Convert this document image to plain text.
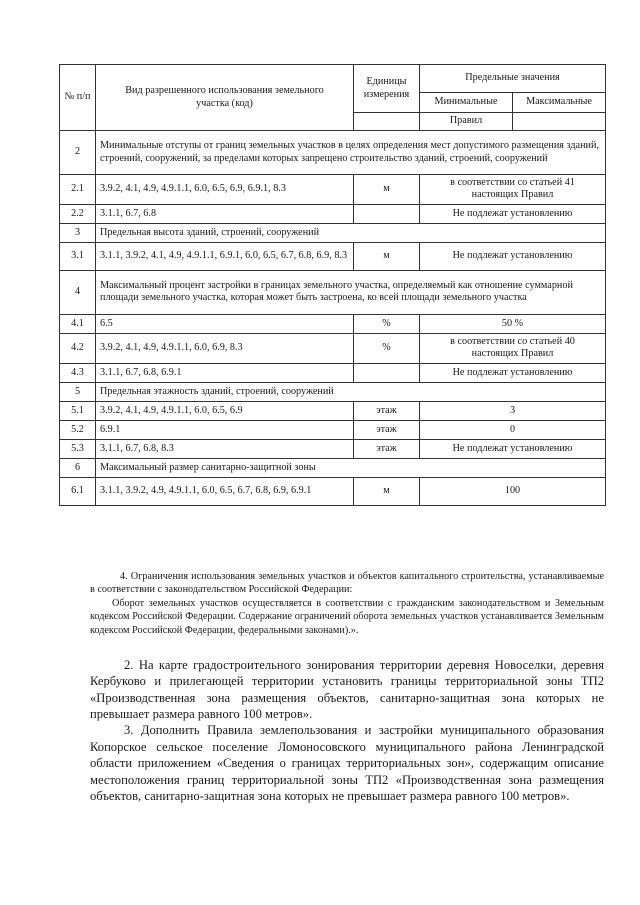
№ п/п	Вид разрешенного использования земельного участка (код)	Единицы измерения	Предельные значения	
			Минимальные	Максимальные
			Правил	
2	Минимальные отступы от границ земельных участков в целях определения мест допустимого размещения зданий, строений, сооружений, за пределами которых запрещено строительство зданий, строений, сооружений			
2.1	3.9.2, 4.1, 4.9, 4.9.1.1, 6.0, 6.5, 6.9, 6.9.1, 8.3	м	в соответствии со статьей 41 настоящих Правил	
2.2	3.1.1, 6.7, 6.8		Не подлежат установлению	
3	Предельная высота зданий, строений, сооружений			
3.1	3.1.1, 3.9.2, 4.1, 4.9, 4.9.1.1, 6.9.1, 6.0, 6.5, 6.7, 6.8, 6.9, 8.3	м	Не подлежат установлению	
4	Максимальный процент застройки в границах земельного участка, определяемый как отношение суммарной площади земельного участка, которая может быть застроена, ко всей площади земельного участка			
4.1	6.5	%	50 %	
4.2	3.9.2, 4.1, 4.9, 4.9.1.1, 6.0, 6.9, 8.3	%	в соответствии со статьей 40 настоящих Правил	
4.3	3.1.1, 6.7, 6.8, 6.9.1		Не подлежат установлению	
5	Предельная этажность зданий, строений, сооружений			
5.1	3.9.2, 4.1, 4.9, 4.9.1.1, 6.0, 6.5, 6.9	этаж	3	
5.2	6.9.1	этаж	0	
5.3	3.1.1, 6.7, 6.8, 8.3	этаж	Не подлежат установлению	
6	Максимальный размер санитарно-защитной зоны			
6.1	3.1.1, 3.9.2, 4.9, 4.9.1.1, 6.0, 6.5, 6.7, 6.8, 6.9, 6.9.1	м	100	

4. Ограничения использования земельных участков и объектов капитального строительства, устанавливаемые в соответствии с законодательством Российской Федерации:

Оборот земельных участков осуществляется в соответствии с гражданским законодательством и Земельным кодексом Российской Федерации. Содержание ограничений оборота земельных участков устанавливается Земельным кодексом Российской Федерации, федеральными законами).».

2. На карте градостроительного зонирования территории деревня Новоселки, деревня Кербуково и прилегающей территории установить границы территориальной зоны ТП2 «Производственная зона размещения объектов, санитарно-защитная зона которых не превышает размера равного 100 метров».

3. Дополнить Правила землепользования и застройки муниципального образования Копорское сельское поселение Ломоносовского муниципального района Ленинградской области приложением «Сведения о границах территориальных зон», содержащим описание местоположения границ территориальной зоны ТП2 «Производственная зона размещения объектов, санитарно-защитная зона которых не превышает размера равного 100 метров».
